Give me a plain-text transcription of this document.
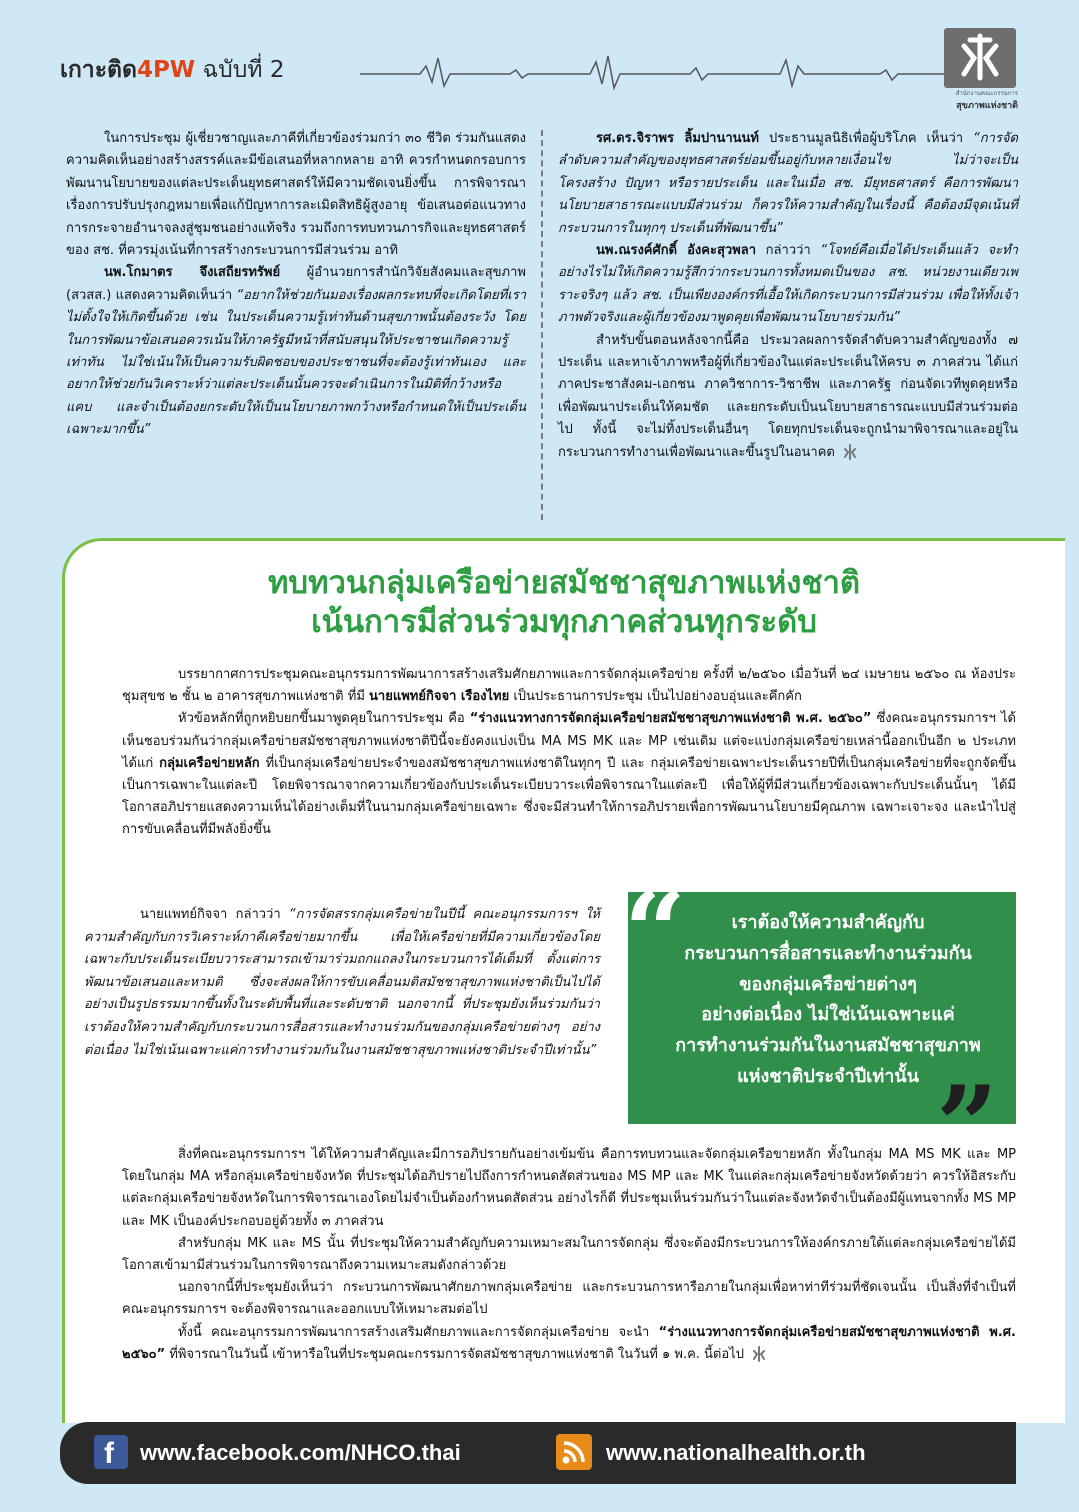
เกาะติด4PW ฉบับที่ 2
สำนักงานคณะกรรมการ
สุขภาพแห่งชาติ

ในการประชุม ผู้เชี่ยวชาญและภาคีที่เกี่ยวข้องร่วมกว่า ๓๐ ชีวิต ร่วมกันแสดงความคิดเห็นอย่างสร้างสรรค์และมีข้อเสนอที่หลากหลาย อาทิ ควรกำหนดกรอบการพัฒนานโยบายของแต่ละประเด็นยุทธศาสตร์ให้มีความชัดเจนยิ่งขึ้น การพิจารณาเรื่องการปรับปรุงกฎหมายเพื่อแก้ปัญหาการละเมิดสิทธิผู้สูงอายุ ข้อเสนอต่อแนวทางการกระจายอำนาจลงสู่ชุมชนอย่างแท้จริง รวมถึงการทบทวนภารกิจและยุทธศาสตร์ของ สช. ที่ควรมุ่งเน้นที่การสร้างกระบวนการมีส่วนร่วม อาทิ

นพ.โกมาตร จึงเสถียรทรัพย์ ผู้อำนวยการสำนักวิจัยสังคมและสุขภาพ (สวสส.) แสดงความคิดเห็นว่า “อยากให้ช่วยกันมองเรื่องผลกระทบที่จะเกิดโดยที่เราไม่ตั้งใจให้เกิดขึ้นด้วย เช่น ในประเด็นความรู้เท่าทันด้านสุขภาพนั้นต้องระวัง โดยในการพัฒนาข้อเสนอควรเน้นให้ภาครัฐมีหน้าที่สนับสนุนให้ประชาชนเกิดความรู้เท่าทัน ไม่ใช่เน้นให้เป็นความรับผิดชอบของประชาชนที่จะต้องรู้เท่าทันเอง และอยากให้ช่วยกันวิเคราะห์ว่าแต่ละประเด็นนั้นควรจะดำเนินการในมิติที่กว้างหรือแคบ และจำเป็นต้องยกระดับให้เป็นนโยบายภาพกว้างหรือกำหนดให้เป็นประเด็นเฉพาะมากขึ้น”

รศ.ดร.จิราพร ลิ้มปานานนท์ ประธานมูลนิธิเพื่อผู้บริโภค เห็นว่า “การจัดลำดับความสำคัญของยุทธศาสตร์ย่อมขึ้นอยู่กับหลายเงื่อนไข ไม่ว่าจะเป็นโครงสร้าง ปัญหา หรือรายประเด็น และในเมื่อ สช. มียุทธศาสตร์ คือการพัฒนานโยบายสาธารณะแบบมีส่วนร่วม ก็ควรให้ความสำคัญในเรื่องนี้ คือต้องมีจุดเน้นที่กระบวนการในทุกๆ ประเด็นที่พัฒนาขึ้น”

นพ.ณรงค์ศักดิ์ อังคะสุวพลา กล่าวว่า “โจทย์คือเมื่อได้ประเด็นแล้ว จะทำอย่างไรไม่ให้เกิดความรู้สึกว่ากระบวนการทั้งหมดเป็นของ สช. หน่วยงานเดียวเพราะจริงๆ แล้ว สช. เป็นเพียงองค์กรที่เอื้อให้เกิดกระบวนการมีส่วนร่วม เพื่อให้ทั้งเจ้าภาพตัวจริงและผู้เกี่ยวข้องมาพูดคุยเพื่อพัฒนานโยบายร่วมกัน”

สำหรับขั้นตอนหลังจากนี้คือ ประมวลผลการจัดลำดับความสำคัญของทั้ง ๗ ประเด็น และหาเจ้าภาพหรือผู้ที่เกี่ยวข้องในแต่ละประเด็นให้ครบ ๓ ภาคส่วน ได้แก่ ภาคประชาสังคม-เอกชน ภาควิชาการ-วิชาชีพ และภาครัฐ ก่อนจัดเวทีพูดคุยหรือเพื่อพัฒนาประเด็นให้คมชัด และยกระดับเป็นนโยบายสาธารณะแบบมีส่วนร่วมต่อไป ทั้งนี้ จะไม่ทิ้งประเด็นอื่นๆ โดยทุกประเด็นจะถูกนำมาพิจารณาและอยู่ในกระบวนการทำงานเพื่อพัฒนาและขึ้นรูปในอนาคต

ทบทวนกลุ่มเครือข่ายสมัชชาสุขภาพแห่งชาติ
เน้นการมีส่วนร่วมทุกภาคส่วนทุกระดับ

บรรยากาศการประชุมคณะอนุกรรมการพัฒนาการสร้างเสริมศักยภาพและการจัดกลุ่มเครือข่าย ครั้งที่ ๒/๒๕๖๐ เมื่อวันที่ ๒๔ เมษายน ๒๕๖๐ ณ ห้องประชุมสุขช ๒ ชั้น ๒ อาคารสุขภาพแห่งชาติ ที่มี นายแพทย์กิจจา เรืองไทย เป็นประธานการประชุม เป็นไปอย่างอบอุ่นและคึกคัก

หัวข้อหลักที่ถูกหยิบยกขึ้นมาพูดคุยในการประชุม คือ “ร่างแนวทางการจัดกลุ่มเครือข่ายสมัชชาสุขภาพแห่งชาติ พ.ศ. ๒๕๖๐” ซึ่งคณะอนุกรรมการฯ ได้เห็นชอบร่วมกันว่ากลุ่มเครือข่ายสมัชชาสุขภาพแห่งชาติปีนี้จะยังคงแบ่งเป็น MA MS MK และ MP เช่นเดิม แต่จะแบ่งกลุ่มเครือข่ายเหล่านี้ออกเป็นอีก ๒ ประเภท ได้แก่ กลุ่มเครือข่ายหลัก ที่เป็นกลุ่มเครือข่ายประจำของสมัชชาสุขภาพแห่งชาติในทุกๆ ปี และ กลุ่มเครือข่ายเฉพาะประเด็นรายปีที่เป็นกลุ่มเครือข่ายที่จะถูกจัดขึ้นเป็นการเฉพาะในแต่ละปี โดยพิจารณาจากความเกี่ยวข้องกับประเด็นระเบียบวาระเพื่อพิจารณาในแต่ละปี เพื่อให้ผู้ที่มีส่วนเกี่ยวข้องเฉพาะกับประเด็นนั้นๆ ได้มีโอกาสอภิปรายแสดงความเห็นได้อย่างเต็มที่ในนามกลุ่มเครือข่ายเฉพาะ ซึ่งจะมีส่วนทำให้การอภิปรายเพื่อการพัฒนานโยบายมีคุณภาพ เฉพาะเจาะจง และนำไปสู่การขับเคลื่อนที่มีพลังยิ่งขึ้น

นายแพทย์กิจจา กล่าวว่า “การจัดสรรกลุ่มเครือข่ายในปีนี้ คณะอนุกรรมการฯ ให้ความสำคัญกับการวิเคราะห์ภาคีเครือข่ายมากขึ้น เพื่อให้เครือข่ายที่มีความเกี่ยวข้องโดยเฉพาะกับประเด็นระเบียบวาระสามารถเข้ามาร่วมถกแถลงในกระบวนการได้เต็มที่ ตั้งแต่การพัฒนาข้อเสนอและหามติ ซึ่งจะส่งผลให้การขับเคลื่อนมติสมัชชาสุขภาพแห่งชาติเป็นไปได้อย่างเป็นรูปธรรมมากขึ้นทั้งในระดับพื้นที่และระดับชาติ นอกจากนี้ ที่ประชุมยังเห็นร่วมกันว่า เราต้องให้ความสำคัญกับกระบวนการสื่อสารและทำงานร่วมกันของกลุ่มเครือข่ายต่างๆ อย่างต่อเนื่อง ไม่ใช่เน้นเฉพาะแค่การทำงานร่วมกันในงานสมัชชาสุขภาพแห่งชาติประจำปีเท่านั้น”

“	เราต้องให้ความสำคัญกับ
กระบวนการสื่อสารและทำงานร่วมกัน
ของกลุ่มเครือข่ายต่างๆ
อย่างต่อเนื่อง ไม่ใช่เน้นเฉพาะแค่
การทำงานร่วมกันในงานสมัชชาสุขภาพ
แห่งชาติประจำปีเท่านั้น ”

สิ่งที่คณะอนุกรรมการฯ ได้ให้ความสำคัญและมีการอภิปรายกันอย่างเข้มข้น คือการทบทวนและจัดกลุ่มเครือขายหลัก ทั้งในกลุ่ม MA MS MK และ MP โดยในกลุ่ม MA หรือกลุ่มเครือข่ายจังหวัด ที่ประชุมได้อภิปรายไปถึงการกำหนดสัดส่วนของ MS MP และ MK ในแต่ละกลุ่มเครือข่ายจังหวัดด้วยว่า ควรให้อิสระกับแต่ละกลุ่มเครือข่ายจังหวัดในการพิจารณาเองโดยไม่จำเป็นต้องกำหนดสัดส่วน อย่างไรก็ดี ที่ประชุมเห็นร่วมกันว่าในแต่ละจังหวัดจำเป็นต้องมีผู้แทนจากทั้ง MS MP และ MK เป็นองค์ประกอบอยู่ด้วยทั้ง ๓ ภาคส่วน

สำหรับกลุ่ม MK และ MS นั้น ที่ประชุมให้ความสำคัญกับความเหมาะสมในการจัดกลุ่ม ซึ่งจะต้องมีกระบวนการให้องค์กรภายใต้แต่ละกลุ่มเครือข่ายได้มีโอกาสเข้ามามีส่วนร่วมในการพิจารณาถึงความเหมาะสมดังกล่าวด้วย

นอกจากนี้ที่ประชุมยังเห็นว่า กระบวนการพัฒนาศักยภาพกลุ่มเครือข่าย และกระบวนการหารือภายในกลุ่มเพื่อหาท่าทีร่วมที่ชัดเจนนั้น เป็นสิ่งที่จำเป็นที่คณะอนุกรรมการฯ จะต้องพิจารณาและออกแบบให้เหมาะสมต่อไป

ทั้งนี้ คณะอนุกรรมการพัฒนาการสร้างเสริมศักยภาพและการจัดกลุ่มเครือข่าย จะนำ “ร่างแนวทางการจัดกลุ่มเครือข่ายสมัชชาสุขภาพแห่งชาติ พ.ศ. ๒๕๖๐” ที่พิจารณาในวันนี้ เข้าหารือในที่ประชุมคณะกรรมการจัดสมัชชาสุขภาพแห่งชาติ ในวันที่ ๑ พ.ค. นี้ต่อไป

f www.facebook.com/NHCO.thai	www.nationalhealth.or.th
